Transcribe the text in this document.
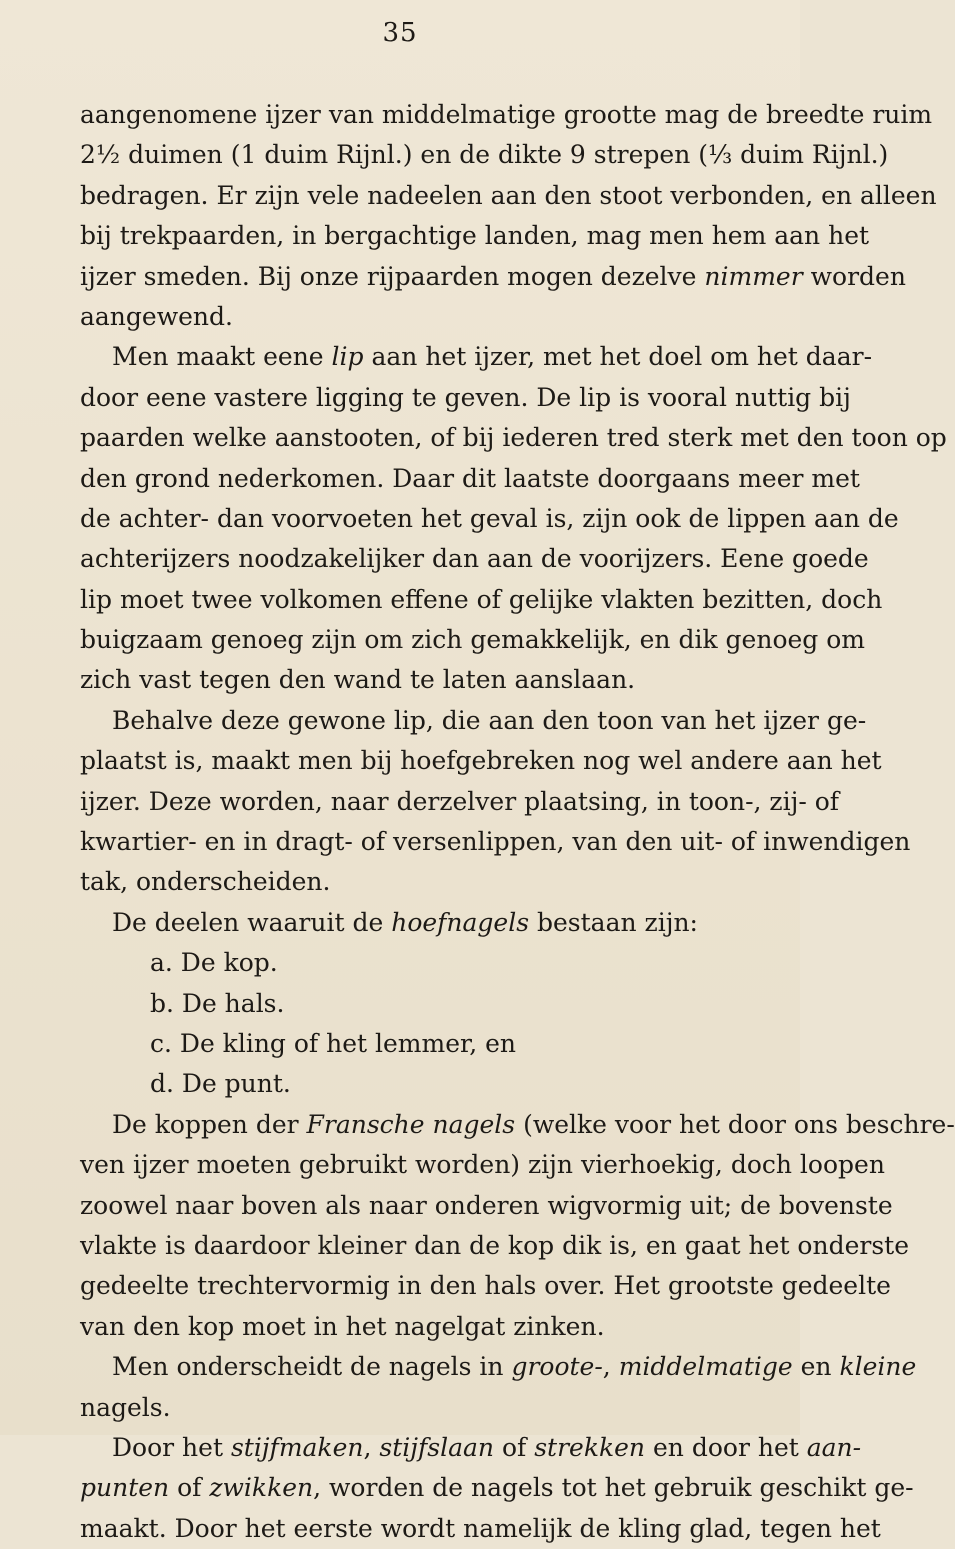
35
aangenomene ijzer van middelmatige grootte mag de breedte ruim
2½ duimen (1 duim Rijnl.) en de dikte 9 strepen (⅓ duim Rijnl.)
bedragen. Er zijn vele nadeelen aan den stoot verbonden, en alleen
bij trekpaarden, in bergachtige landen, mag men hem aan het
ijzer smeden. Bij onze rijpaarden mogen dezelve nimmer worden
aangewend.
Men maakt eene lip aan het ijzer, met het doel om het daar-
door eene vastere ligging te geven. De lip is vooral nuttig bij
paarden welke aanstooten, of bij iederen tred sterk met den toon op
den grond nederkomen. Daar dit laatste doorgaans meer met
de achter- dan voorvoeten het geval is, zijn ook de lippen aan de
achterijzers noodzakelijker dan aan de voorijzers. Eene goede
lip moet twee volkomen effene of gelijke vlakten bezitten, doch
buigzaam genoeg zijn om zich gemakkelijk, en dik genoeg om
zich vast tegen den wand te laten aanslaan.
Behalve deze gewone lip, die aan den toon van het ijzer ge-
plaatst is, maakt men bij hoefgebreken nog wel andere aan het
ijzer. Deze worden, naar derzelver plaatsing, in toon-, zij- of
kwartier- en in dragt- of versenlippen, van den uit- of inwendigen
tak, onderscheiden.
De deelen waaruit de hoefnagels bestaan zijn:
a. De kop.
b. De hals.
c. De kling of het lemmer, en
d. De punt.
De koppen der Fransche nagels (welke voor het door ons beschre-
ven ijzer moeten gebruikt worden) zijn vierhoekig, doch loopen
zoowel naar boven als naar onderen wigvormig uit; de bovenste
vlakte is daardoor kleiner dan de kop dik is, en gaat het onderste
gedeelte trechtervormig in den hals over. Het grootste gedeelte
van den kop moet in het nagelgat zinken.
Men onderscheidt de nagels in groote-, middelmatige en kleine
nagels.
Door het stijfmaken, stijfslaan of strekken en door het aan-
punten of zwikken, worden de nagels tot het gebruik geschikt ge-
maakt. Door het eerste wordt namelijk de kling glad, tegen het
